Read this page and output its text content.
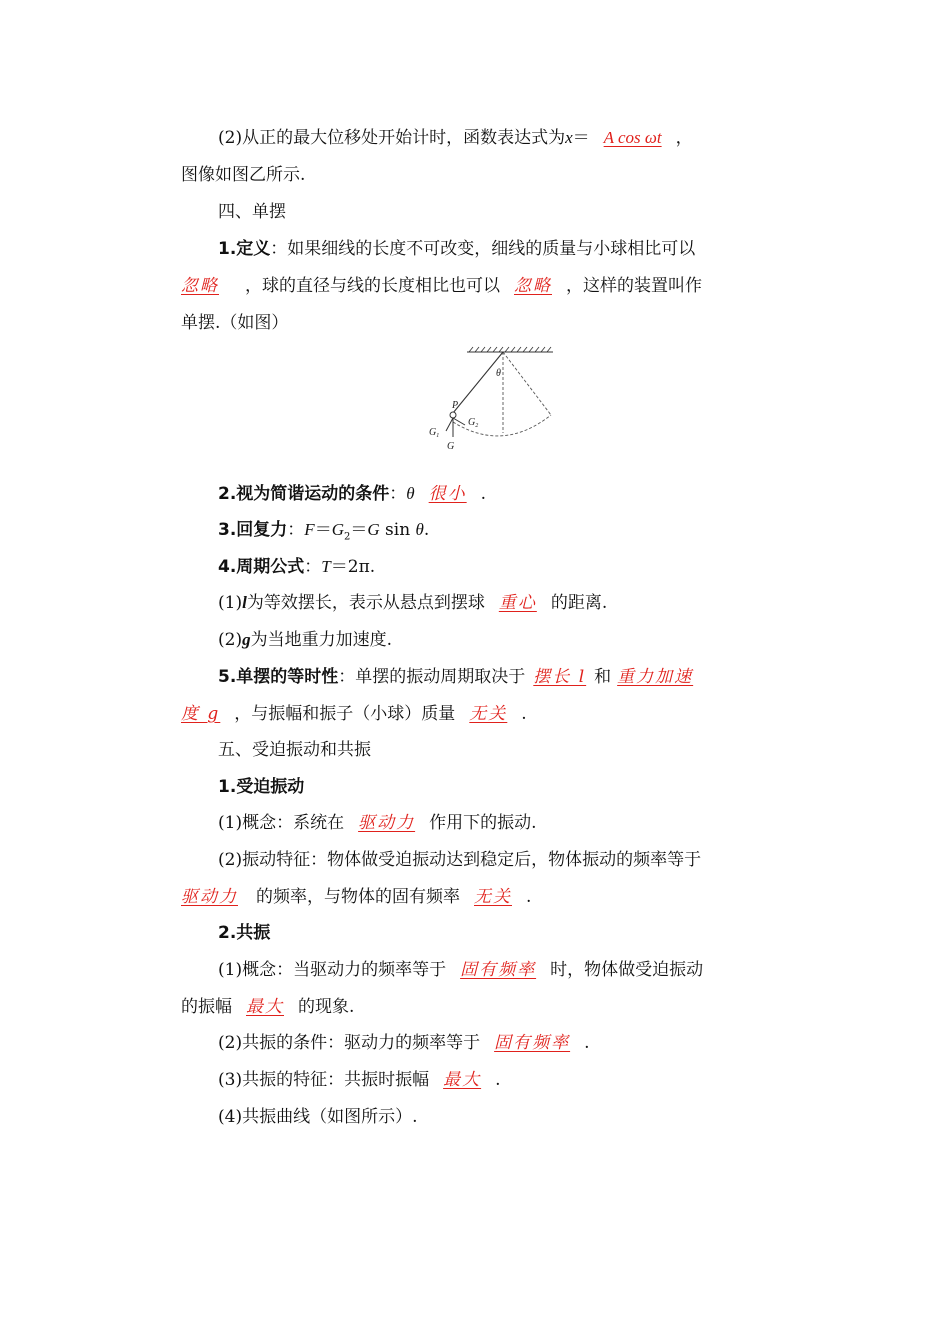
(2)从正的最大位移处开始计时，函数表达式为x＝ A cos ωt ，
图像如图乙所示.
四、单摆
1.定义：如果细线的长度不可改变，细线的质量与小球相比可以
忽略 ，球的直径与线的长度相比也可以 忽略 ，这样的装置叫作
单摆.（如图）
θ
P
G
$G_1$
$G_2$
2.视为简谐运动的条件：θ 很小 .
3.回复力：$F=G_2=G$ sin θ.
4.周期公式：T＝2π.
(1)l为等效摆长，表示从悬点到摆球 重心 的距离.
(2)g为当地重力加速度.
5.单摆的等时性：单摆的振动周期取决于 摆长 l 和 重力加速
度 g ，与振幅和振子（小球）质量 无关 .
五、受迫振动和共振
1.受迫振动
(1)概念：系统在 驱动力 作用下的振动.
(2)振动特征：物体做受迫振动达到稳定后，物体振动的频率等于
驱动力 的频率，与物体的固有频率 无关 .
2.共振
(1)概念：当驱动力的频率等于 固有频率 时，物体做受迫振动
的振幅 最大 的现象.
(2)共振的条件：驱动力的频率等于 固有频率 .
(3)共振的特征：共振时振幅 最大 .
(4)共振曲线（如图所示）.
